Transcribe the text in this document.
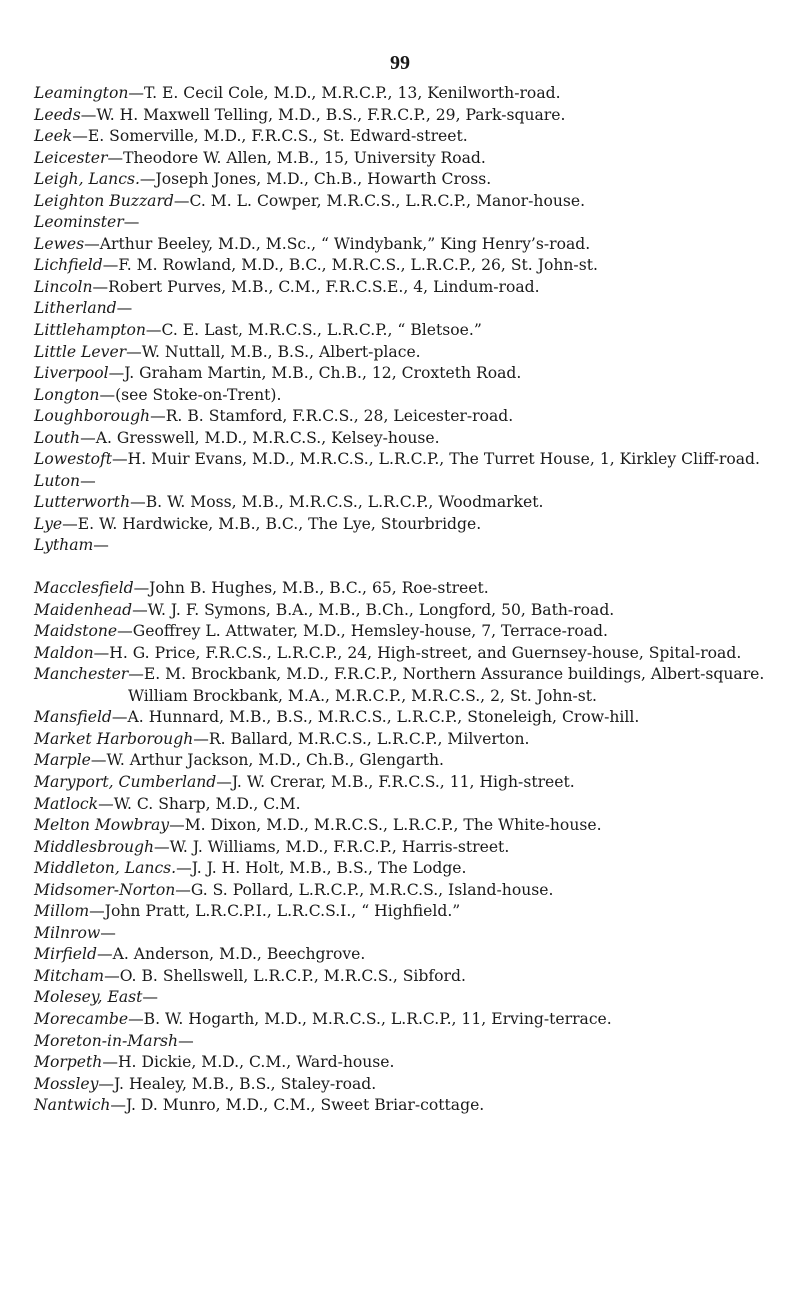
99
Leamington—T. E. Cecil Cole, M.D., M.R.C.P., 13, Kenilworth-road.
Leeds—W. H. Maxwell Telling, M.D., B.S., F.R.C.P., 29, Park-square.
Leek—E. Somerville, M.D., F.R.C.S., St. Edward-street.
Leicester—Theodore W. Allen, M.B., 15, University Road.
Leigh, Lancs.—Joseph Jones, M.D., Ch.B., Howarth Cross.
Leighton Buzzard—C. M. L. Cowper, M.R.C.S., L.R.C.P., Manor-house.
Leominster—
Lewes—Arthur Beeley, M.D., M.Sc., “ Windybank,” King Henry’s-road.
Lichfield—F. M. Rowland, M.D., B.C., M.R.C.S., L.R.C.P., 26, St. John-st.
Lincoln—Robert Purves, M.B., C.M., F.R.C.S.E., 4, Lindum-road.
Litherland—
Littlehampton—C. E. Last, M.R.C.S., L.R.C.P., “ Bletsoe.”
Little Lever—W. Nuttall, M.B., B.S., Albert-place.
Liverpool—J. Graham Martin, M.B., Ch.B., 12, Croxteth Road.
Longton—(see Stoke-on-Trent).
Loughborough—R. B. Stamford, F.R.C.S., 28, Leicester-road.
Louth—A. Gresswell, M.D., M.R.C.S., Kelsey-house.
Lowestoft—H. Muir Evans, M.D., M.R.C.S., L.R.C.P., The Turret House, 1, Kirkley Cliff-road.
Luton—
Lutterworth—B. W. Moss, M.B., M.R.C.S., L.R.C.P., Woodmarket.
Lye—E. W. Hardwicke, M.B., B.C., The Lye, Stourbridge.
Lytham—
Macclesfield—John B. Hughes, M.B., B.C., 65, Roe-street.
Maidenhead—W. J. F. Symons, B.A., M.B., B.Ch., Longford, 50, Bath-road.
Maidstone—Geoffrey L. Attwater, M.D., Hemsley-house, 7, Terrace-road.
Maldon—H. G. Price, F.R.C.S., L.R.C.P., 24, High-street, and Guernsey-house, Spital-road.
Manchester—E. M. Brockbank, M.D., F.R.C.P., Northern Assurance buildings, Albert-square.
William Brockbank, M.A., M.R.C.P., M.R.C.S., 2, St. John-st.
Mansfield—A. Hunnard, M.B., B.S., M.R.C.S., L.R.C.P., Stoneleigh, Crow-hill.
Market Harborough—R. Ballard, M.R.C.S., L.R.C.P., Milverton.
Marple—W. Arthur Jackson, M.D., Ch.B., Glengarth.
Maryport, Cumberland—J. W. Crerar, M.B., F.R.C.S., 11, High-street.
Matlock—W. C. Sharp, M.D., C.M.
Melton Mowbray—M. Dixon, M.D., M.R.C.S., L.R.C.P., The White-house.
Middlesbrough—W. J. Williams, M.D., F.R.C.P., Harris-street.
Middleton, Lancs.—J. J. H. Holt, M.B., B.S., The Lodge.
Midsomer-Norton—G. S. Pollard, L.R.C.P., M.R.C.S., Island-house.
Millom—John Pratt, L.R.C.P.I., L.R.C.S.I., “ Highfield.”
Milnrow—
Mirfield—A. Anderson, M.D., Beechgrove.
Mitcham—O. B. Shellswell, L.R.C.P., M.R.C.S., Sibford.
Molesey, East—
Morecambe—B. W. Hogarth, M.D., M.R.C.S., L.R.C.P., 11, Erving-terrace.
Moreton-in-Marsh—
Morpeth—H. Dickie, M.D., C.M., Ward-house.
Mossley—J. Healey, M.B., B.S., Staley-road.
Nantwich—J. D. Munro, M.D., C.M., Sweet Briar-cottage.
